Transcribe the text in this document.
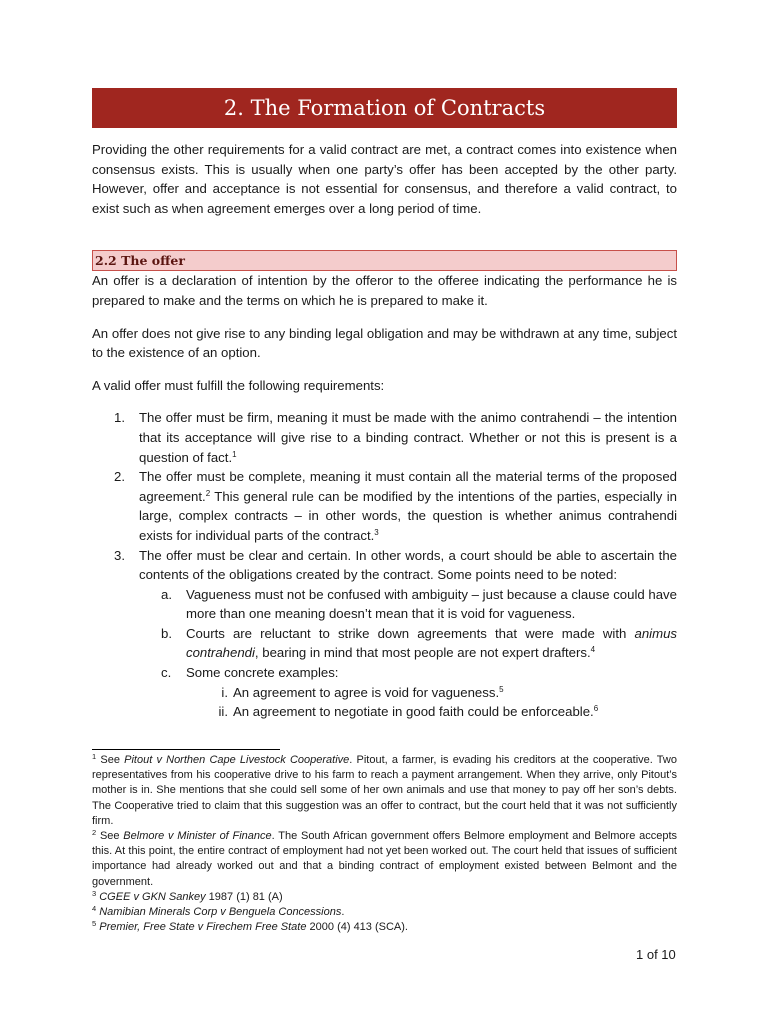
2. The Formation of Contracts

Providing the other requirements for a valid contract are met, a contract comes into existence when consensus exists. This is usually when one party’s offer has been accepted by the other party. However, offer and acceptance is not essential for consensus, and therefore a valid contract, to exist such as when agreement emerges over a long period of time.

2.2 The offer

An offer is a declaration of intention by the offeror to the offeree indicating the performance he is prepared to make and the terms on which he is prepared to make it.

An offer does not give rise to any binding legal obligation and may be withdrawn at any time, subject to the existence of an option.

A valid offer must fulfill the following requirements:

1. The offer must be firm, meaning it must be made with the animo contrahendi – the intention that its acceptance will give rise to a binding contract. Whether or not this is present is a question of fact.$^1$
2. The offer must be complete, meaning it must contain all the material terms of the proposed agreement.$^2$ This general rule can be modified by the intentions of the parties, especially in large, complex contracts – in other words, the question is whether animus contrahendi exists for individual parts of the contract.$^3$
3. The offer must be clear and certain. In other words, a court should be able to ascertain the contents of the obligations created by the contract. Some points need to be noted:
a. Vagueness must not be confused with ambiguity – just because a clause could have more than one meaning doesn’t mean that it is void for vagueness.
b. Courts are reluctant to strike down agreements that were made with animus contrahendi, bearing in mind that most people are not expert drafters.$^4$
c. Some concrete examples:
i. An agreement to agree is void for vagueness.$^5$
ii. An agreement to negotiate in good faith could be enforceable.$^6$

$^1$ See Pitout v Northen Cape Livestock Cooperative. Pitout, a farmer, is evading his creditors at the cooperative. Two representatives from his cooperative drive to his farm to reach a payment arrangement. When they arrive, only Pitout’s mother is in. She mentions that she could sell some of her own animals and use that money to pay off her son’s debts. The Cooperative tried to claim that this suggestion was an offer to contract, but the court held that it was not sufficiently firm.

$^2$ See Belmore v Minister of Finance. The South African government offers Belmore employment and Belmore accepts this. At this point, the entire contract of employment had not yet been worked out. The court held that issues of sufficient importance had already worked out and that a binding contract of employment existed between Belmont and the government.

$^3$ CGEE v GKN Sankey 1987 (1) 81 (A)

$^4$ Namibian Minerals Corp v Benguela Concessions.

$^5$ Premier, Free State v Firechem Free State 2000 (4) 413 (SCA).

1 of 10
